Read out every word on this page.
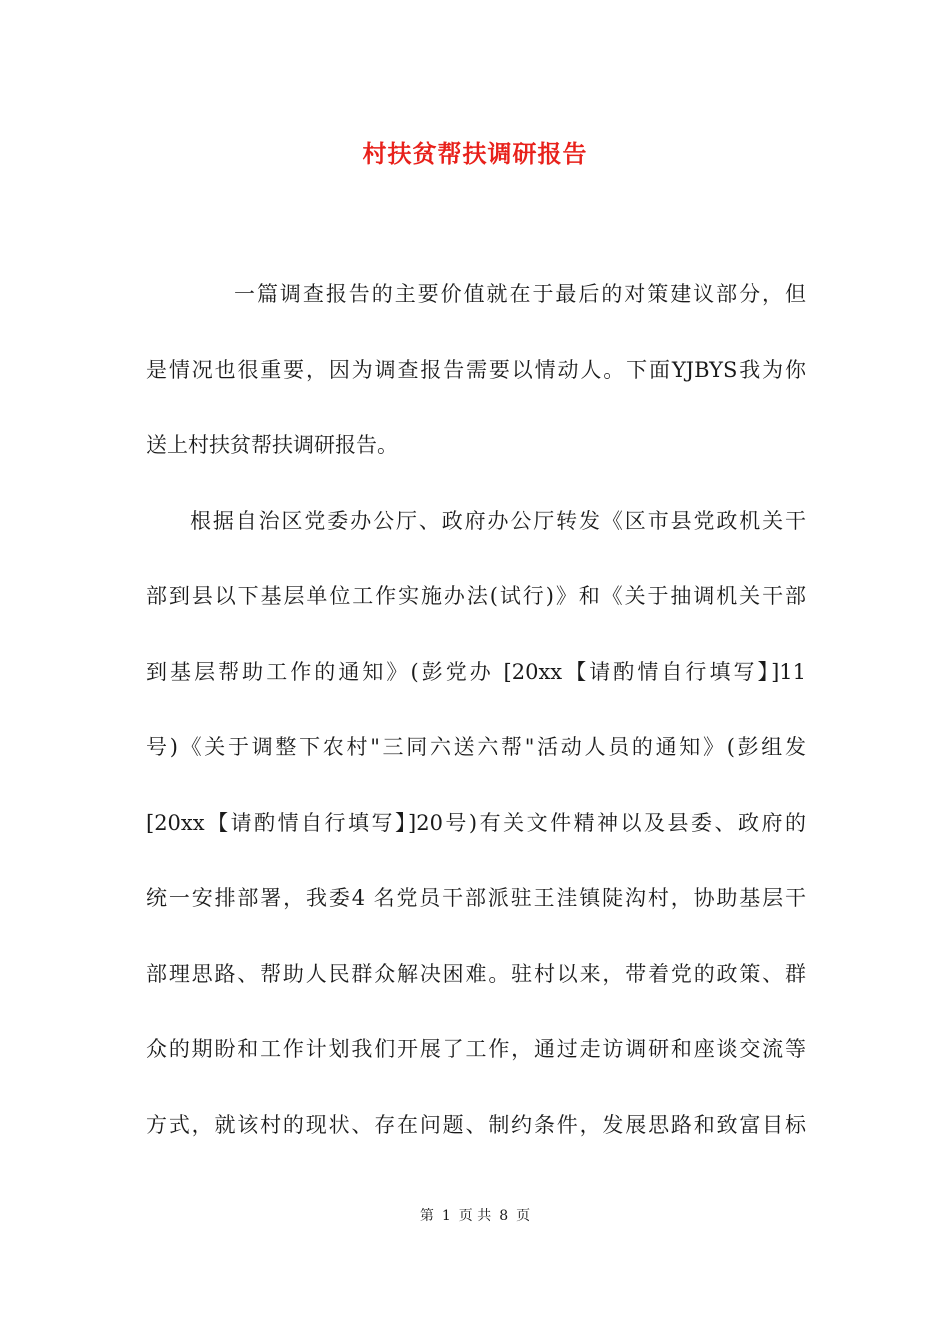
村扶贫帮扶调研报告
一篇调查报告的主要价值就在于最后的对策建议部分，但
是情况也很重要，因为调查报告需要以情动人。下面YJBYS我为你
送上村扶贫帮扶调研报告。
根据自治区党委办公厅、政府办公厅转发《区市县党政机关干
部到县以下基层单位工作实施办法(试行)》和《关于抽调机关干部
到基层帮助工作的通知》(彭党办 [20xx【请酌情自行填写】]11
号)《关于调整下农村"三同六送六帮"活动人员的通知》(彭组发
[20xx【请酌情自行填写】]20号)有关文件精神以及县委、政府的
统一安排部署，我委4 名党员干部派驻王洼镇陡沟村，协助基层干
部理思路、帮助人民群众解决困难。驻村以来，带着党的政策、群
众的期盼和工作计划我们开展了工作，通过走访调研和座谈交流等
方式，就该村的现状、存在问题、制约条件，发展思路和致富目标
第 1 页 共 8 页
